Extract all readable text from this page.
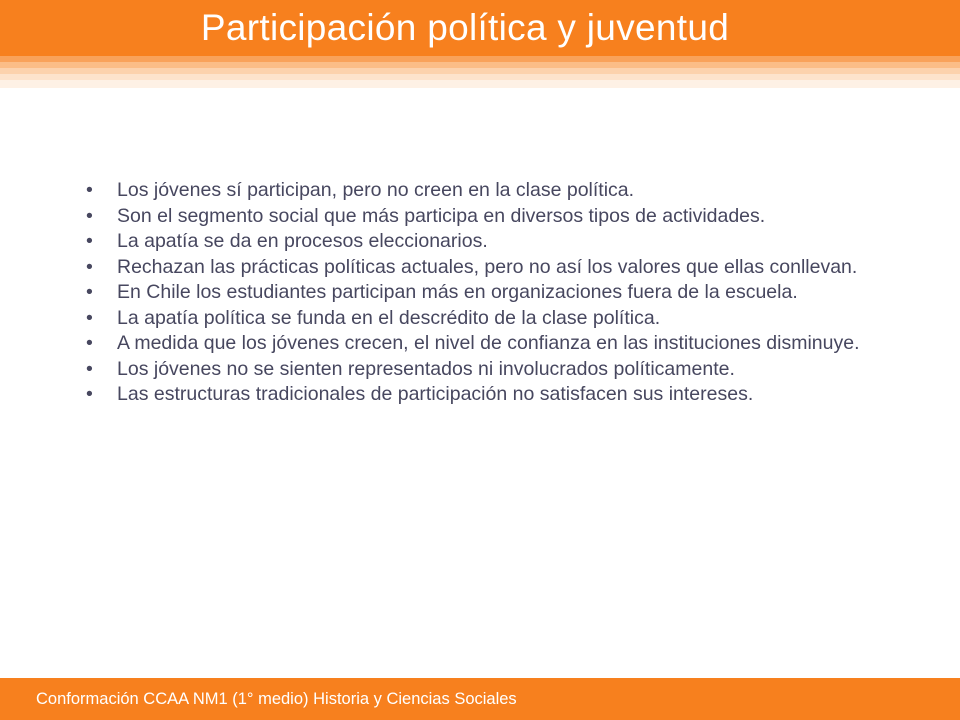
Participación política y juventud
• Los jóvenes sí participan, pero no creen en la clase política.
• Son el segmento social que más participa en diversos tipos de actividades.
• La apatía se da en procesos eleccionarios.
• Rechazan las prácticas políticas actuales, pero no así los valores que ellas conllevan.
• En Chile los estudiantes participan más en organizaciones fuera de la escuela.
• La apatía política se funda en el descrédito de la clase política.
• A medida que los jóvenes crecen, el nivel de confianza en las instituciones disminuye.
• Los jóvenes no se sienten representados ni involucrados políticamente.
• Las estructuras tradicionales de participación no satisfacen sus intereses.
Conformación CCAA NM1 (1° medio) Historia y Ciencias Sociales
